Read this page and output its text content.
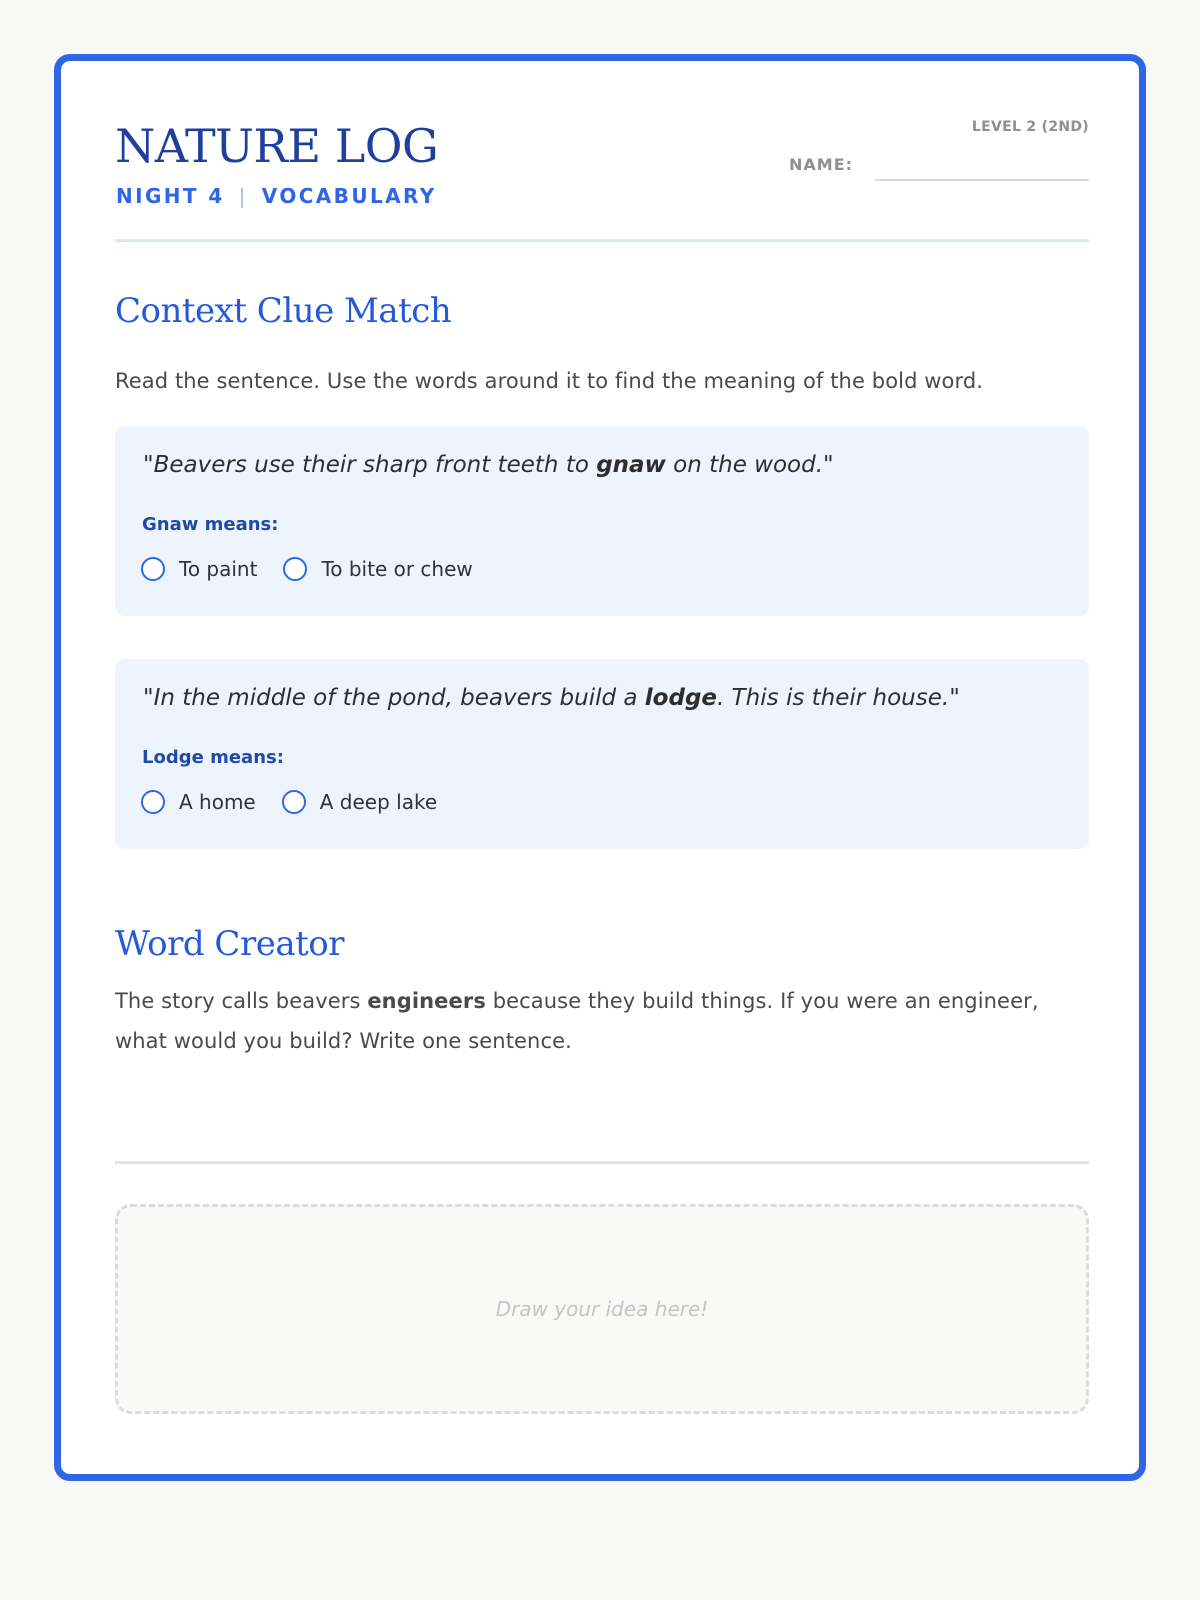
NATURE LOG
NIGHT 4 | VOCABULARY
LEVEL 2 (2ND)
NAME:
Context Clue Match

Read the sentence. Use the words around it to find the meaning of the bold word.

"Beavers use their sharp front teeth to gnaw on the wood."
Gnaw means:
To paint	To bite or chew
"In the middle of the pond, beavers build a lodge. This is their house."
Lodge means:
A home	A deep lake
Word Creator

The story calls beavers engineers because they build things. If you were an engineer, what would you build? Write one sentence.

Draw your idea here!
